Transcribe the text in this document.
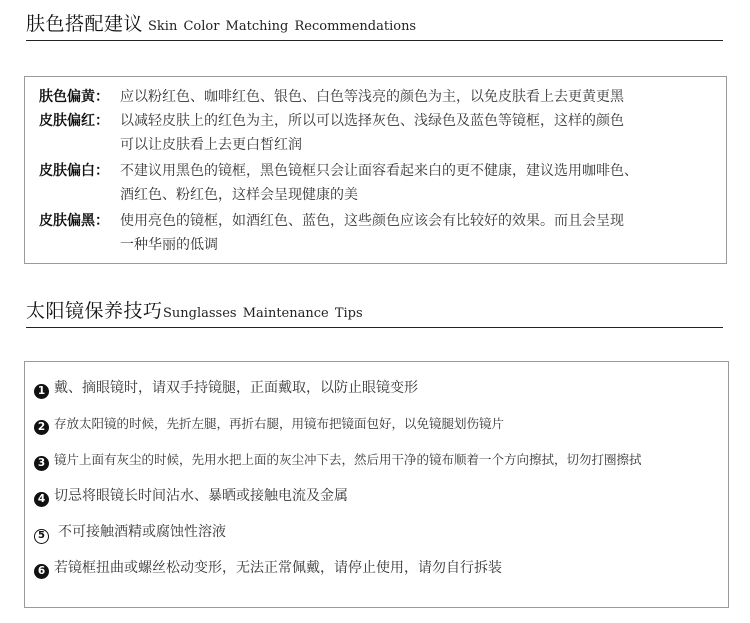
肤色搭配建议 Skin Color Matching Recommendations
肤色偏黄： 应以粉红色、咖啡红色、银色、白色等浅亮的颜色为主，以免皮肤看上去更黄更黑
皮肤偏红： 以减轻皮肤上的红色为主，所以可以选择灰色、浅绿色及蓝色等镜框，这样的颜色
可以让皮肤看上去更白皙红润
皮肤偏白： 不建议用黑色的镜框，黑色镜框只会让面容看起来白的更不健康，建议选用咖啡色、
酒红色、粉红色，这样会呈现健康的美
皮肤偏黑： 使用亮色的镜框，如酒红色、蓝色，这些颜色应该会有比较好的效果。而且会呈现
一种华丽的低调
太阳镜保养技巧 Sunglasses Maintenance Tips
1 戴、摘眼镜时，请双手持镜腿，正面戴取，以防止眼镜变形
2 存放太阳镜的时候，先折左腿，再折右腿，用镜布把镜面包好，以免镜腿划伤镜片
3 镜片上面有灰尘的时候，先用水把上面的灰尘冲下去，然后用干净的镜布顺着一个方向擦拭，切勿打圈擦拭
4 切忌将眼镜长时间沾水、暴晒或接触电流及金属
5 不可接触酒精或腐蚀性溶液
6 若镜框扭曲或螺丝松动变形，无法正常佩戴，请停止使用，请勿自行拆装
